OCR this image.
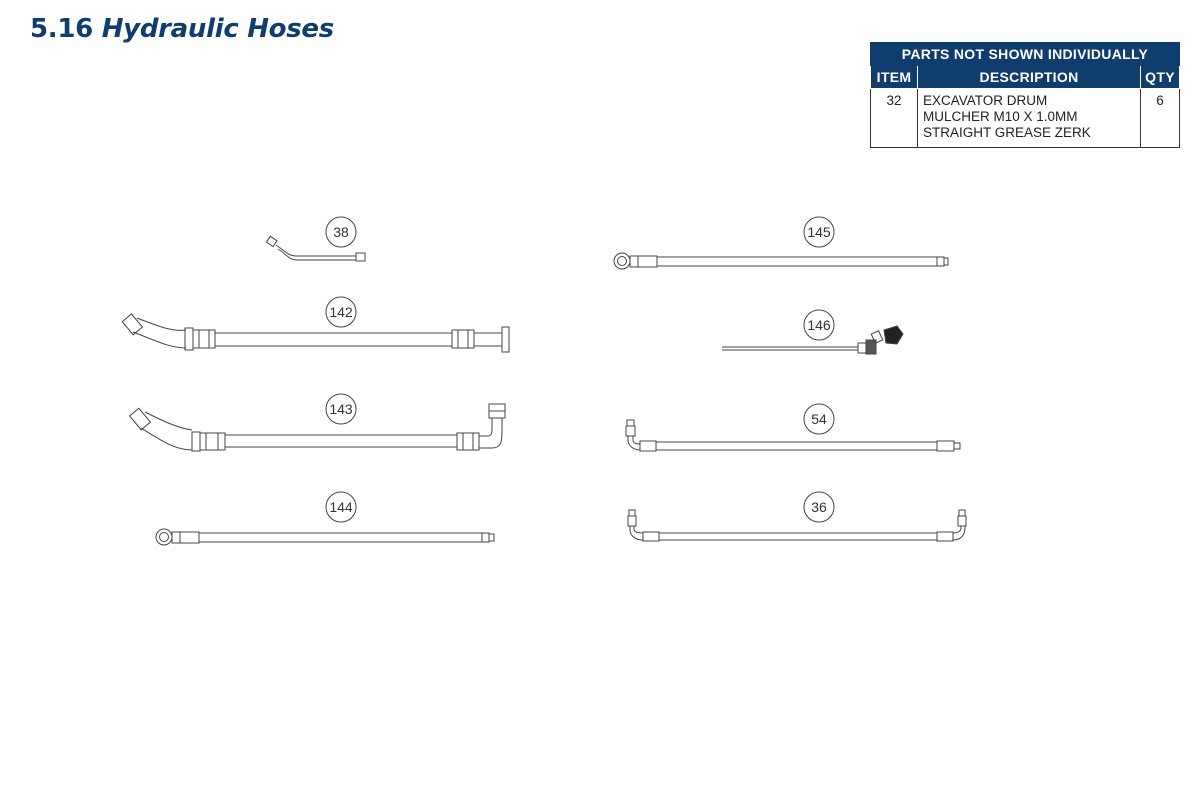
5.16 Hydraulic Hoses
PARTS NOT SHOWN INDIVIDUALLY		
ITEM	DESCRIPTION	QTY
32	EXCAVATOR DRUM
MULCHER M10 X 1.0MM
STRAIGHT GREASE ZERK	6
38
142
143
144
145
146
54
36
